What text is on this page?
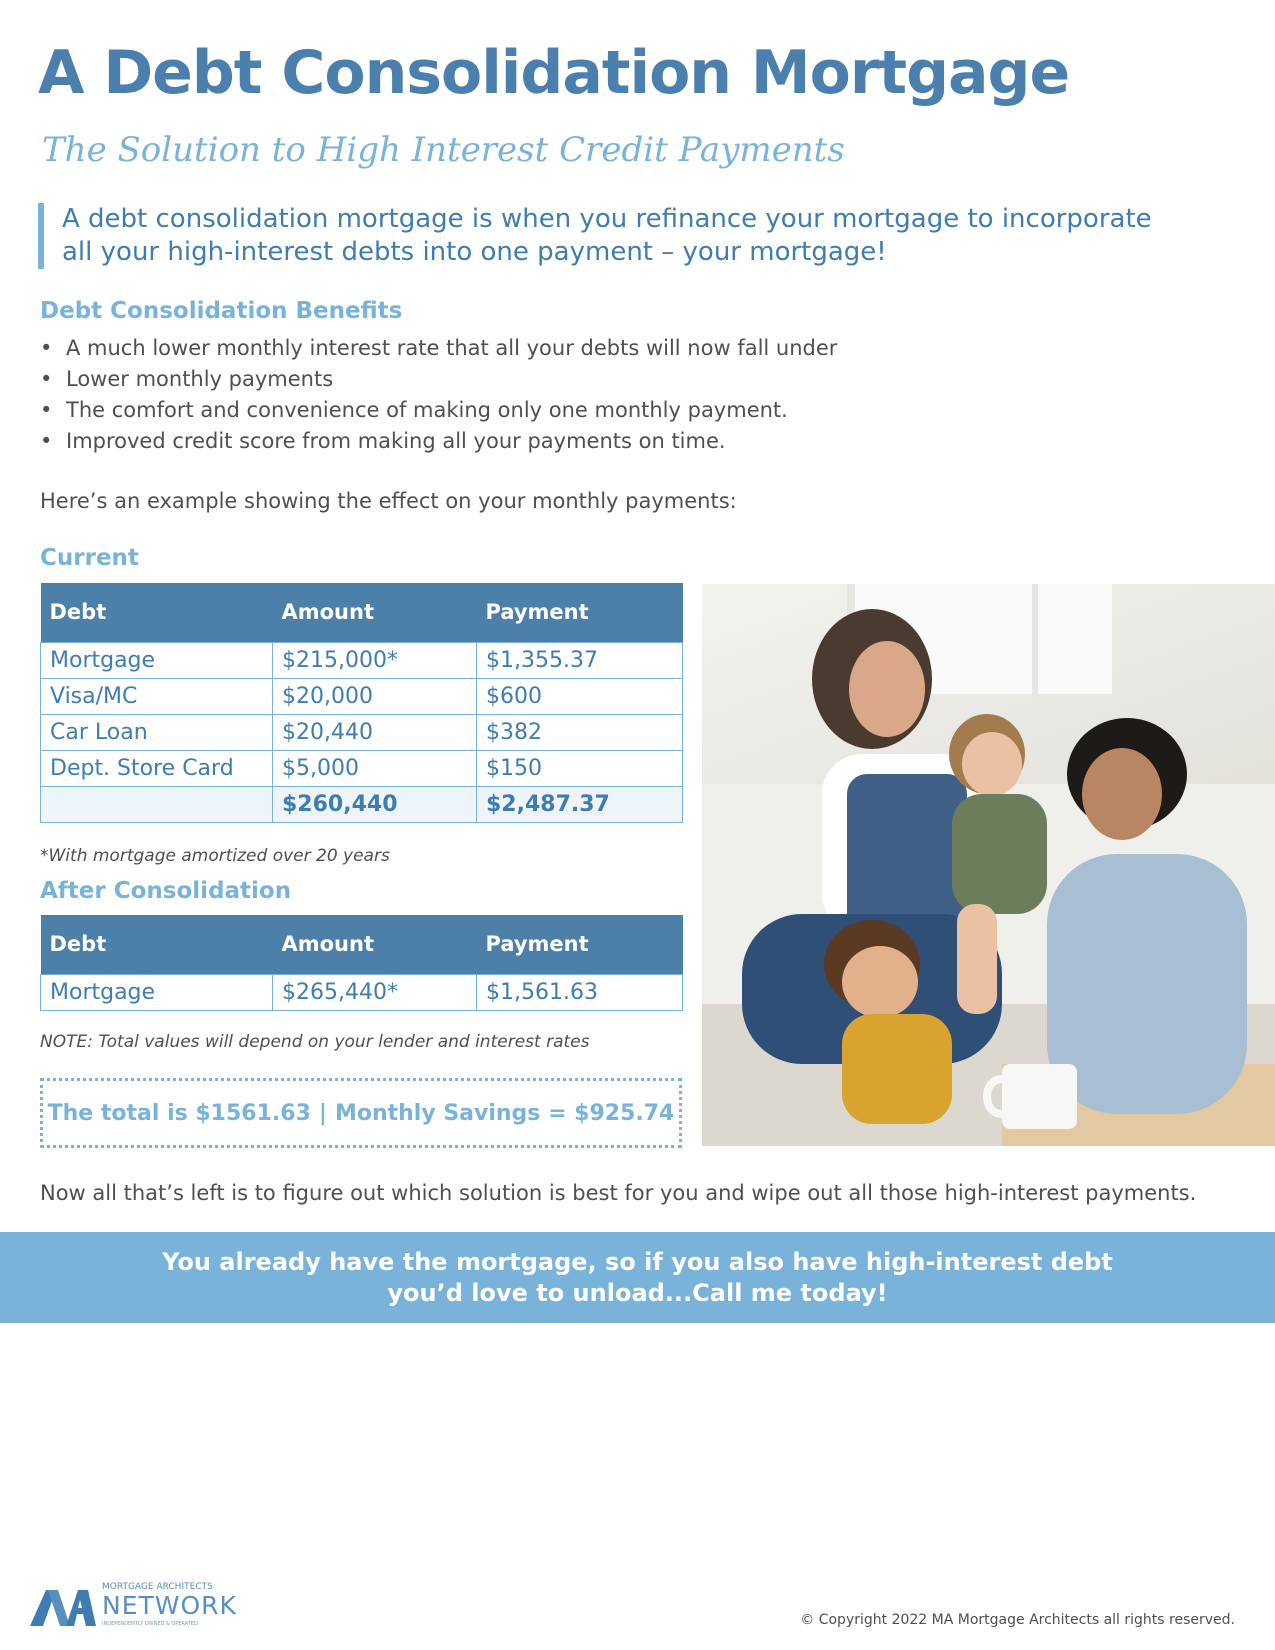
A Debt Consolidation Mortgage
The Solution to High Interest Credit Payments
A debt consolidation mortgage is when you refinance your mortgage to incorporate all your high-interest debts into one payment – your mortgage!
Debt Consolidation Benefits
• A much lower monthly interest rate that all your debts will now fall under
• Lower monthly payments
• The comfort and convenience of making only one monthly payment.
• Improved credit score from making all your payments on time.
Here’s an example showing the effect on your monthly payments:
Current
Debt	Amount	Payment
Mortgage	$215,000*	$1,355.37
Visa/MC	$20,000	$600
Car Loan	$20,440	$382
Dept. Store Card	$5,000	$150
	$260,440	$2,487.37
*With mortgage amortized over 20 years
After Consolidation
Debt	Amount	Payment
Mortgage	$265,440*	$1,561.63
NOTE: Total values will depend on your lender and interest rates
The total is $1561.63 | Monthly Savings = $925.74
Now all that’s left is to figure out which solution is best for you and wipe out all those high-interest payments.
You already have the mortgage, so if you also have high-interest debt
you’d love to unload...Call me today!
MORTGAGE ARCHITECTS
NETWORK
INDEPENDENTLY OWNED & OPERATED	© Copyright 2022 MA Mortgage Architects all rights reserved.
